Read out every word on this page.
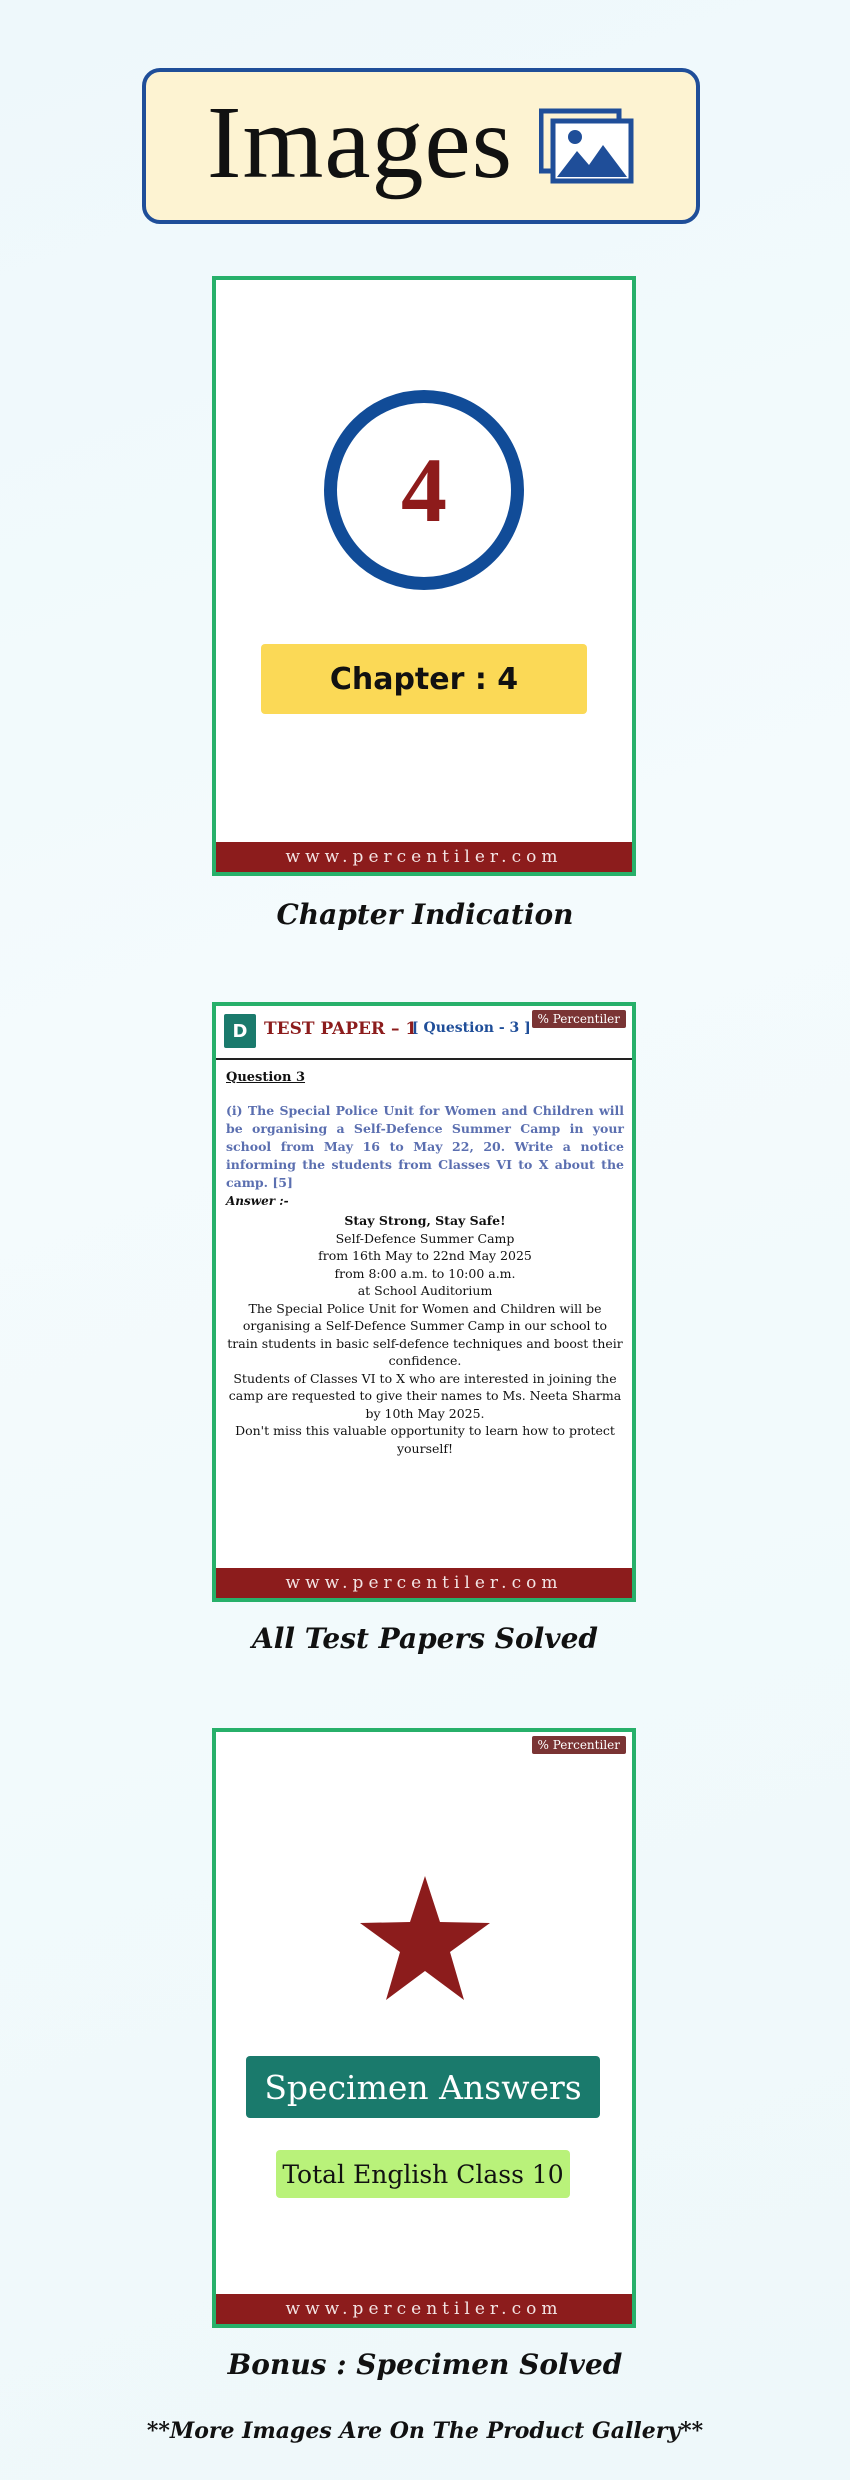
Images
4
Chapter : 4
www.percentiler.com
Chapter Indication
D TEST PAPER – 1
[ Question - 3 ]
% Percentiler
Question 3
(i) The Special Police Unit for Women and Children will be organising a Self-Defence Summer Camp in your school from May 16 to May 22, 20. Write a notice informing the students from Classes VI to X about the camp. [5]
Answer :-
Stay Strong, Stay Safe!
Self-Defence Summer Camp
from 16th May to 22nd May 2025
from 8:00 a.m. to 10:00 a.m.
at School Auditorium
The Special Police Unit for Women and Children will be organising a Self-Defence Summer Camp in our school to train students in basic self-defence techniques and boost their confidence.
Students of Classes VI to X who are interested in joining the camp are requested to give their names to Ms. Neeta Sharma by 10th May 2025.
Don't miss this valuable opportunity to learn how to protect yourself!
www.percentiler.com
All Test Papers Solved
% Percentiler
Specimen Answers
Total English Class 10
www.percentiler.com
Bonus : Specimen Solved
**More Images Are On The Product Gallery**
